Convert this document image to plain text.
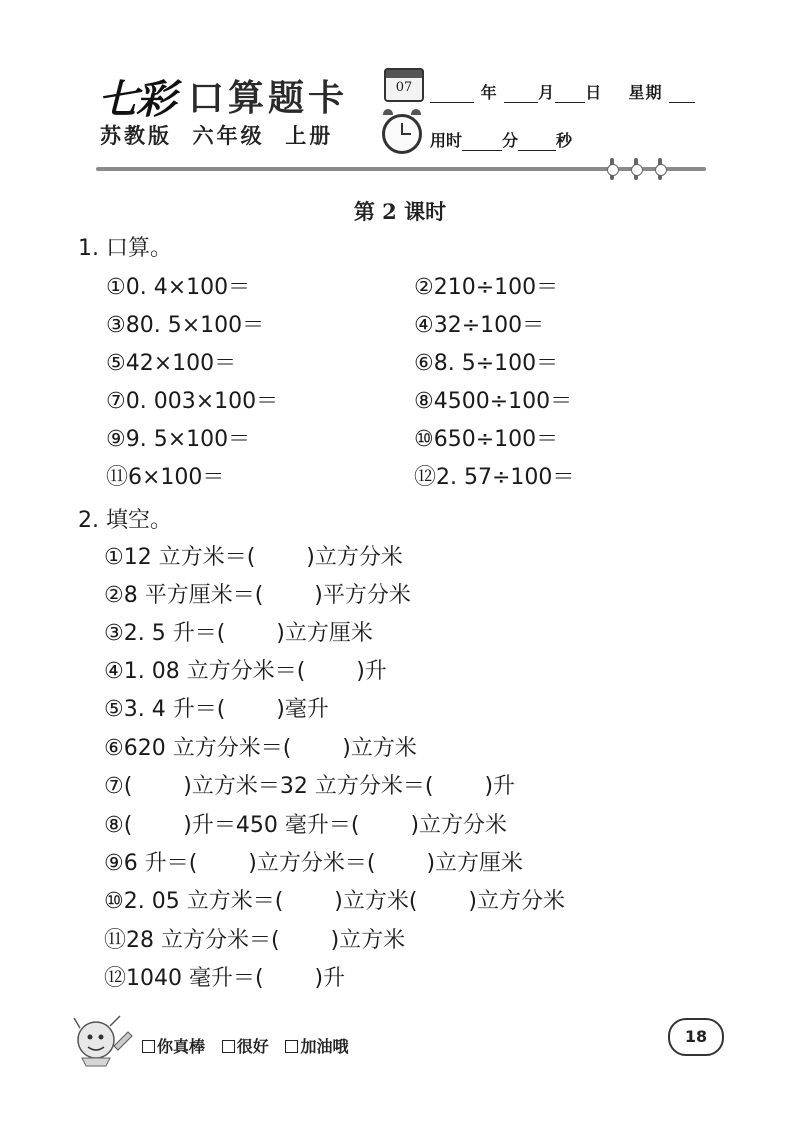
七彩 口算题卡
苏教版 六年级 上册
07	年	月 日 星期
用时	分 秒
第 2 课时
1. 口算。
①0. 4×100＝	②210÷100＝
③80. 5×100＝	④32÷100＝
⑤42×100＝	⑥8. 5÷100＝
⑦0. 003×100＝	⑧4500÷100＝
⑨9. 5×100＝	⑩650÷100＝
⑪6×100＝	⑫2. 57÷100＝
2. 填空。
①12 立方米＝(　　 )立方分米
②8 平方厘米＝(　　 )平方分米
③2. 5 升＝(　　 )立方厘米
④1. 08 立方分米＝(　　 )升
⑤3. 4 升＝(　　 )毫升
⑥620 立方分米＝(　　 )立方米
⑦(　　 )立方米＝32 立方分米＝(　　 )升
⑧(　　 )升＝450 毫升＝(　　 )立方分米
⑨6 升＝(　　 )立方分米＝(　　 )立方厘米
⑩2. 05 立方米＝(　　 )立方米(　　 )立方分米
⑪28 立方分米＝(　　 )立方米
⑫1040 毫升＝(　　 )升
你真棒 很好 加油哦
18
